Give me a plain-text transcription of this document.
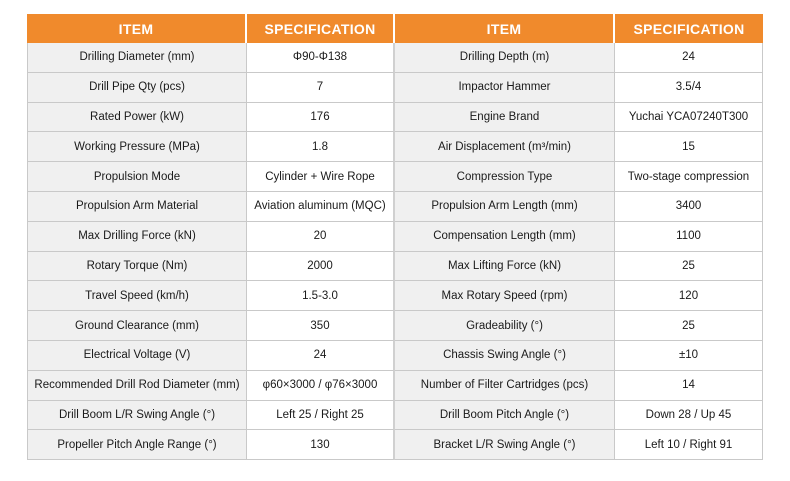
ITEM	SPECIFICATION	ITEM	SPECIFICATION
Drilling Diameter (mm)	Φ90-Φ138	Drilling Depth (m)	24
Drill Pipe Qty (pcs)	7	Impactor Hammer	3.5/4
Rated Power (kW)	176	Engine Brand	Yuchai YCA07240T300
Working Pressure (MPa)	1.8	Air Displacement (m³/min)	15
Propulsion Mode	Cylinder + Wire Rope	Compression Type	Two-stage compression
Propulsion Arm Material	Aviation aluminum (MQC)	Propulsion Arm Length (mm)	3400
Max Drilling Force (kN)	20	Compensation Length (mm)	1100
Rotary Torque (Nm)	2000	Max Lifting Force (kN)	25
Travel Speed (km/h)	1.5-3.0	Max Rotary Speed (rpm)	120
Ground Clearance (mm)	350	Gradeability (°)	25
Electrical Voltage (V)	24	Chassis Swing Angle (°)	±10
Recommended Drill Rod Diameter (mm)	φ60×3000 / φ76×3000	Number of Filter Cartridges (pcs)	14
Drill Boom L/R Swing Angle (°)	Left 25 / Right 25	Drill Boom Pitch Angle (°)	Down 28 / Up 45
Propeller Pitch Angle Range (°)	130	Bracket L/R Swing Angle (°)	Left 10 / Right 91
